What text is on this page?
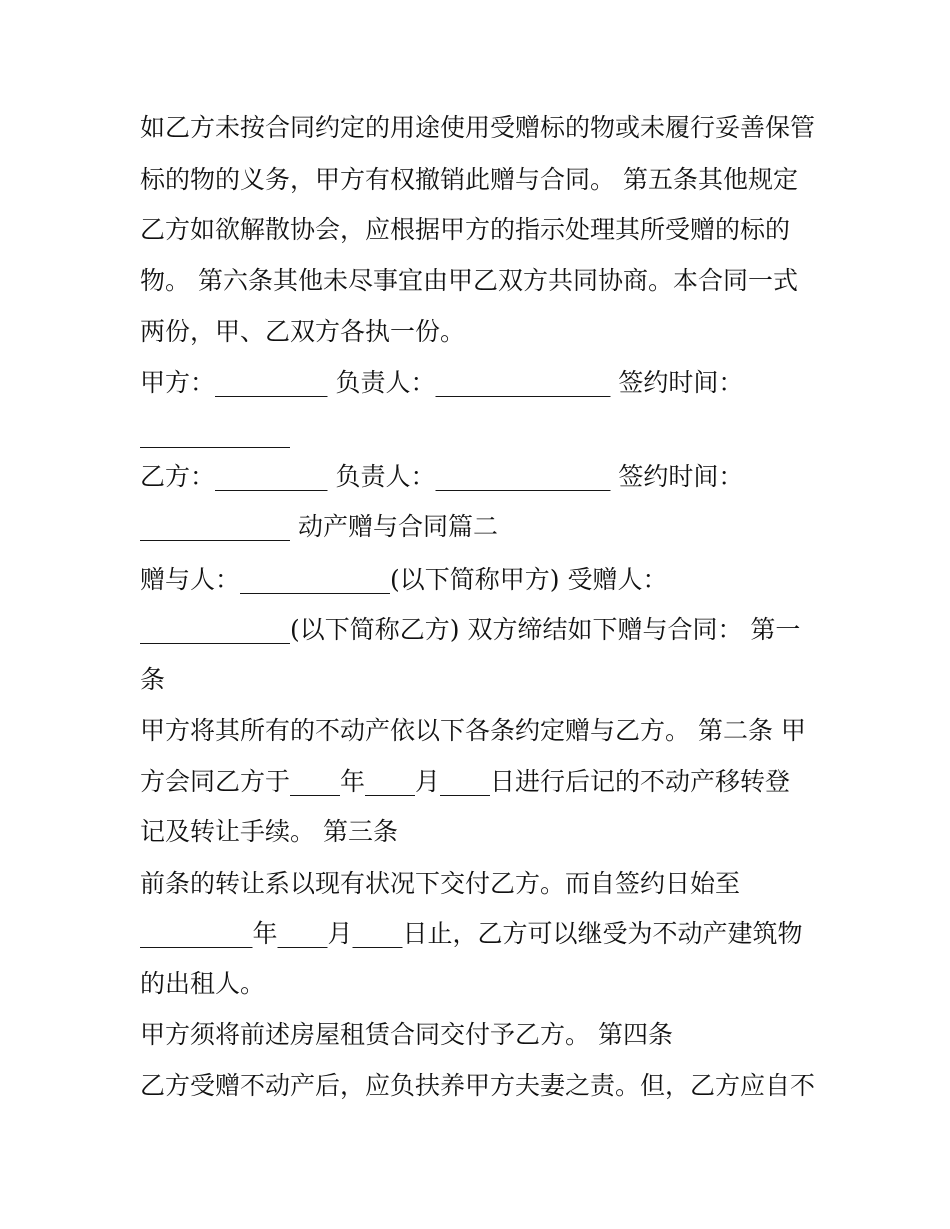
如乙方未按合同约定的用途使用受赠标的物或未履行妥善保管
标的物的义务，甲方有权撤销此赠与合同。 第五条其他规定
乙方如欲解散协会，应根据甲方的指示处理其所受赠的标的
物。 第六条其他未尽事宜由甲乙双方共同协商。本合同一式
两份，甲、乙双方各执一份。
甲方：_________ 负责人：______________ 签约时间：
____________
乙方：_________ 负责人：______________ 签约时间：
____________ 动产赠与合同篇二
赠与人：____________(以下简称甲方) 受赠人：
____________(以下简称乙方) 双方缔结如下赠与合同： 第一
条
甲方将其所有的不动产依以下各条约定赠与乙方。 第二条 甲
方会同乙方于____年____月____日进行后记的不动产移转登
记及转让手续。 第三条
前条的转让系以现有状况下交付乙方。而自签约日始至
_________年____月____日止，乙方可以继受为不动产建筑物
的出租人。
甲方须将前述房屋租赁合同交付予乙方。 第四条
乙方受赠不动产后，应负扶养甲方夫妻之责。但，乙方应自不
